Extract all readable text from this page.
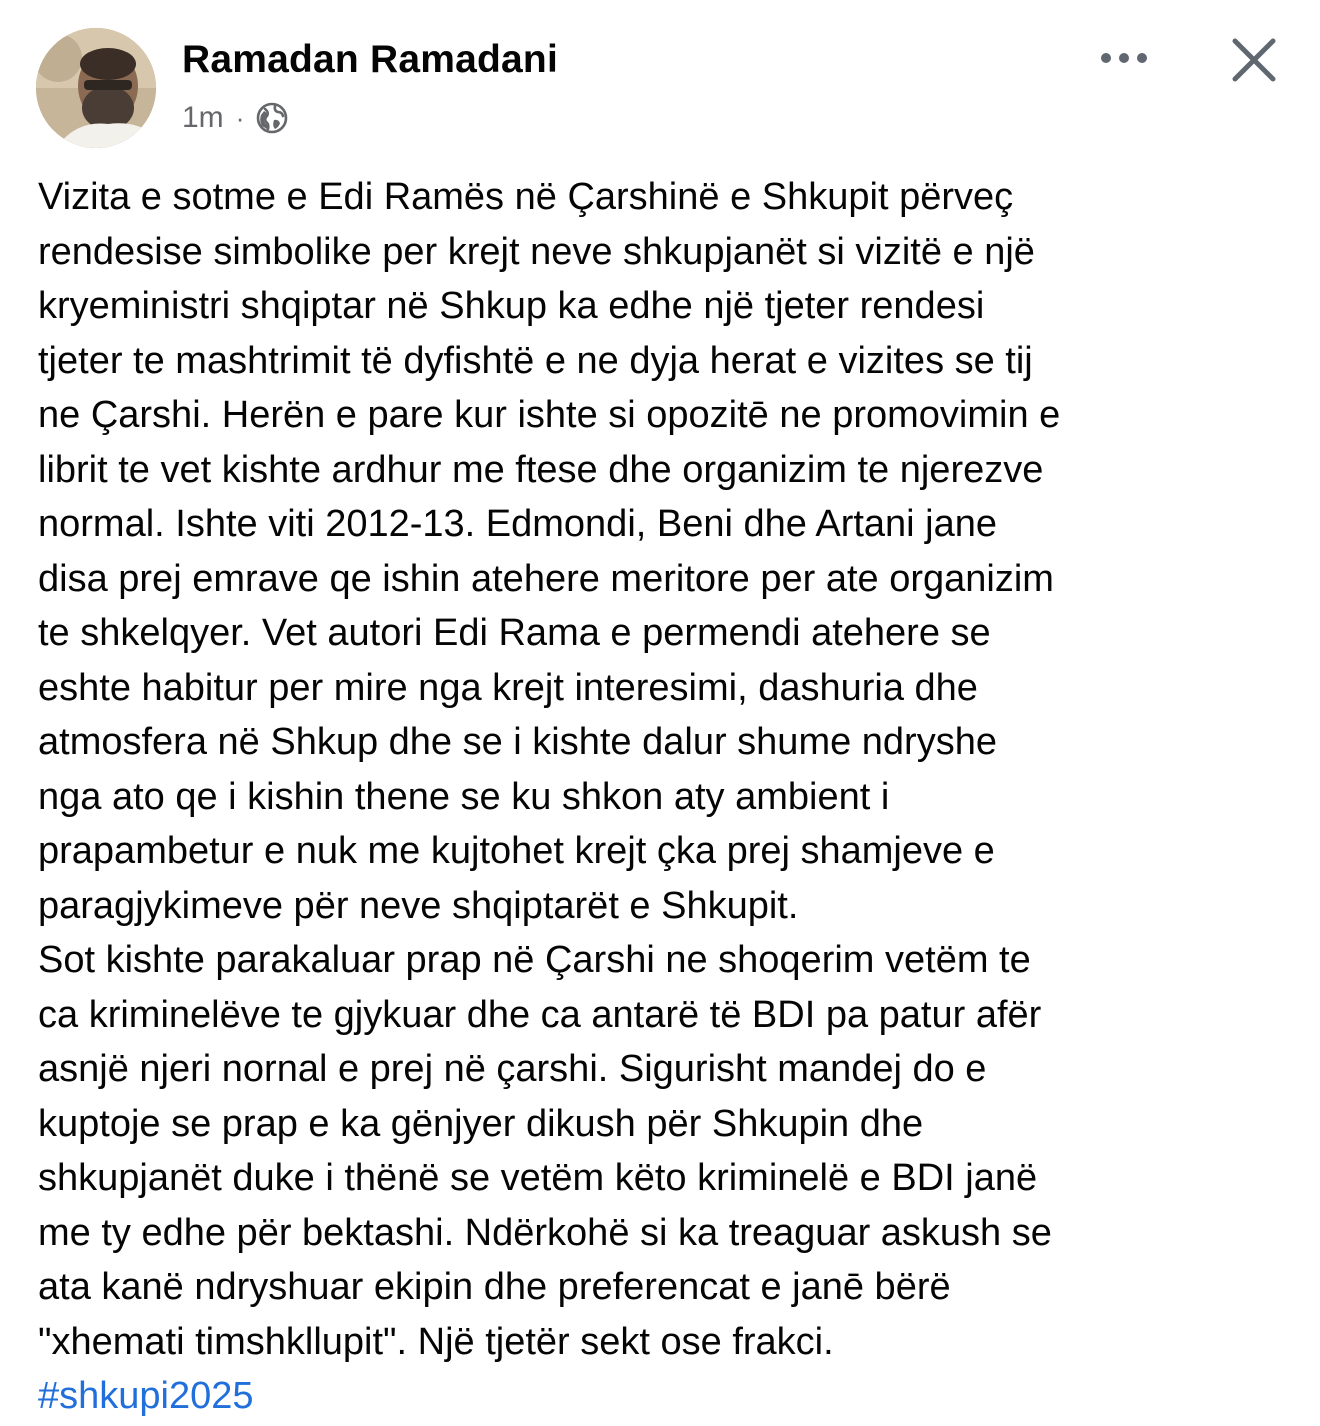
Ramadan Ramadani
1m ·
Vizita e sotme e Edi Ramës në Çarshinë e Shkupit përveç
rendesise simbolike per krejt neve shkupjanët si vizitë e një
kryeministri shqiptar në Shkup ka edhe një tjeter rendesi
tjeter te mashtrimit të dyfishtë e ne dyja herat e vizites se tij
ne Çarshi. Herën e pare kur ishte si opozitē ne promovimin e
librit te vet kishte ardhur me ftese dhe organizim te njerezve
normal. Ishte viti 2012-13. Edmondi, Beni dhe Artani jane
disa prej emrave qe ishin atehere meritore per ate organizim
te shkelqyer. Vet autori Edi Rama e permendi atehere se
eshte habitur per mire nga krejt interesimi, dashuria dhe
atmosfera në Shkup dhe se i kishte dalur shume ndryshe
nga ato qe i kishin thene se ku shkon aty ambient i
prapambetur e nuk me kujtohet krejt çka prej shamjeve e
paragjykimeve për neve shqiptarët e Shkupit.
Sot kishte parakaluar prap në Çarshi ne shoqerim vetëm te
ca kriminelëve te gjykuar dhe ca antarë të BDI pa patur afër
asnjë njeri nornal e prej në çarshi. Sigurisht mandej do e
kuptoje se prap e ka gënjyer dikush për Shkupin dhe
shkupjanët duke i thënë se vetëm këto kriminelë e BDI janë
me ty edhe për bektashi. Ndërkohë si ka treaguar askush se
ata kanë ndryshuar ekipin dhe preferencat e janē bërë
"xhemati timshkllupit". Një tjetër sekt ose frakci.
#shkupi2025
